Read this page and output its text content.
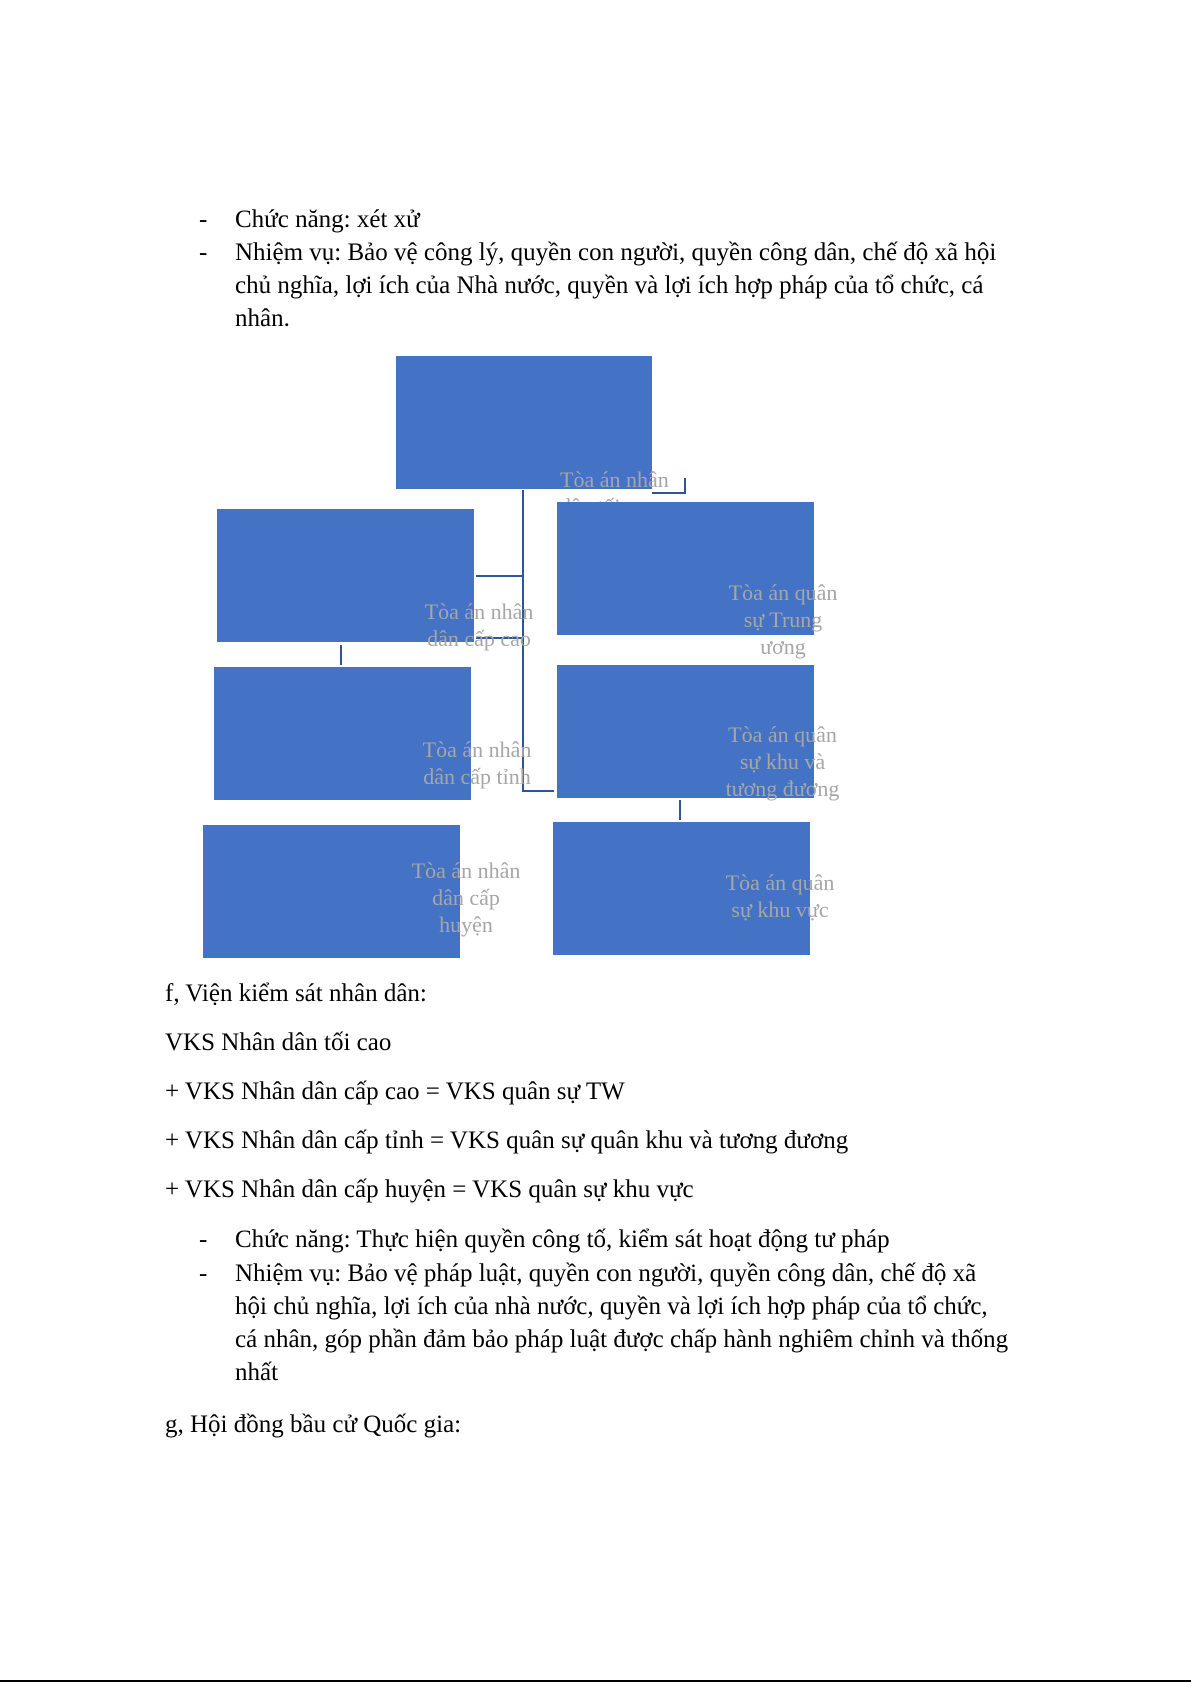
- Chức năng: xét xử
- Nhiệm vụ: Bảo vệ công lý, quyền con người, quyền công dân, chế độ xã hội
chủ nghĩa, lợi ích của Nhà nước, quyền và lợi ích hợp pháp của tổ chức, cá
nhân.
Tòa án nhân
Tòa án nhân
dân cấp cao
Tòa án nhân
dân cấp tỉnh
Tòa án nhân
dân cấp
huyện
Tòa án quân
sự Trung
ương
Tòa án quân
sự khu và
tương đương
Tòa án quân
sự khu vực
f, Viện kiểm sát nhân dân:
VKS Nhân dân tối cao
+ VKS Nhân dân cấp cao = VKS quân sự TW
+ VKS Nhân dân cấp tỉnh = VKS quân sự quân khu và tương đương
+ VKS Nhân dân cấp huyện = VKS quân sự khu vực
- Chức năng: Thực hiện quyền công tố, kiểm sát hoạt động tư pháp
- Nhiệm vụ: Bảo vệ pháp luật, quyền con người, quyền công dân, chế độ xã
hội chủ nghĩa, lợi ích của nhà nước, quyền và lợi ích hợp pháp của tổ chức,
cá nhân, góp phần đảm bảo pháp luật được chấp hành nghiêm chỉnh và thống
nhất
g, Hội đồng bầu cử Quốc gia:
